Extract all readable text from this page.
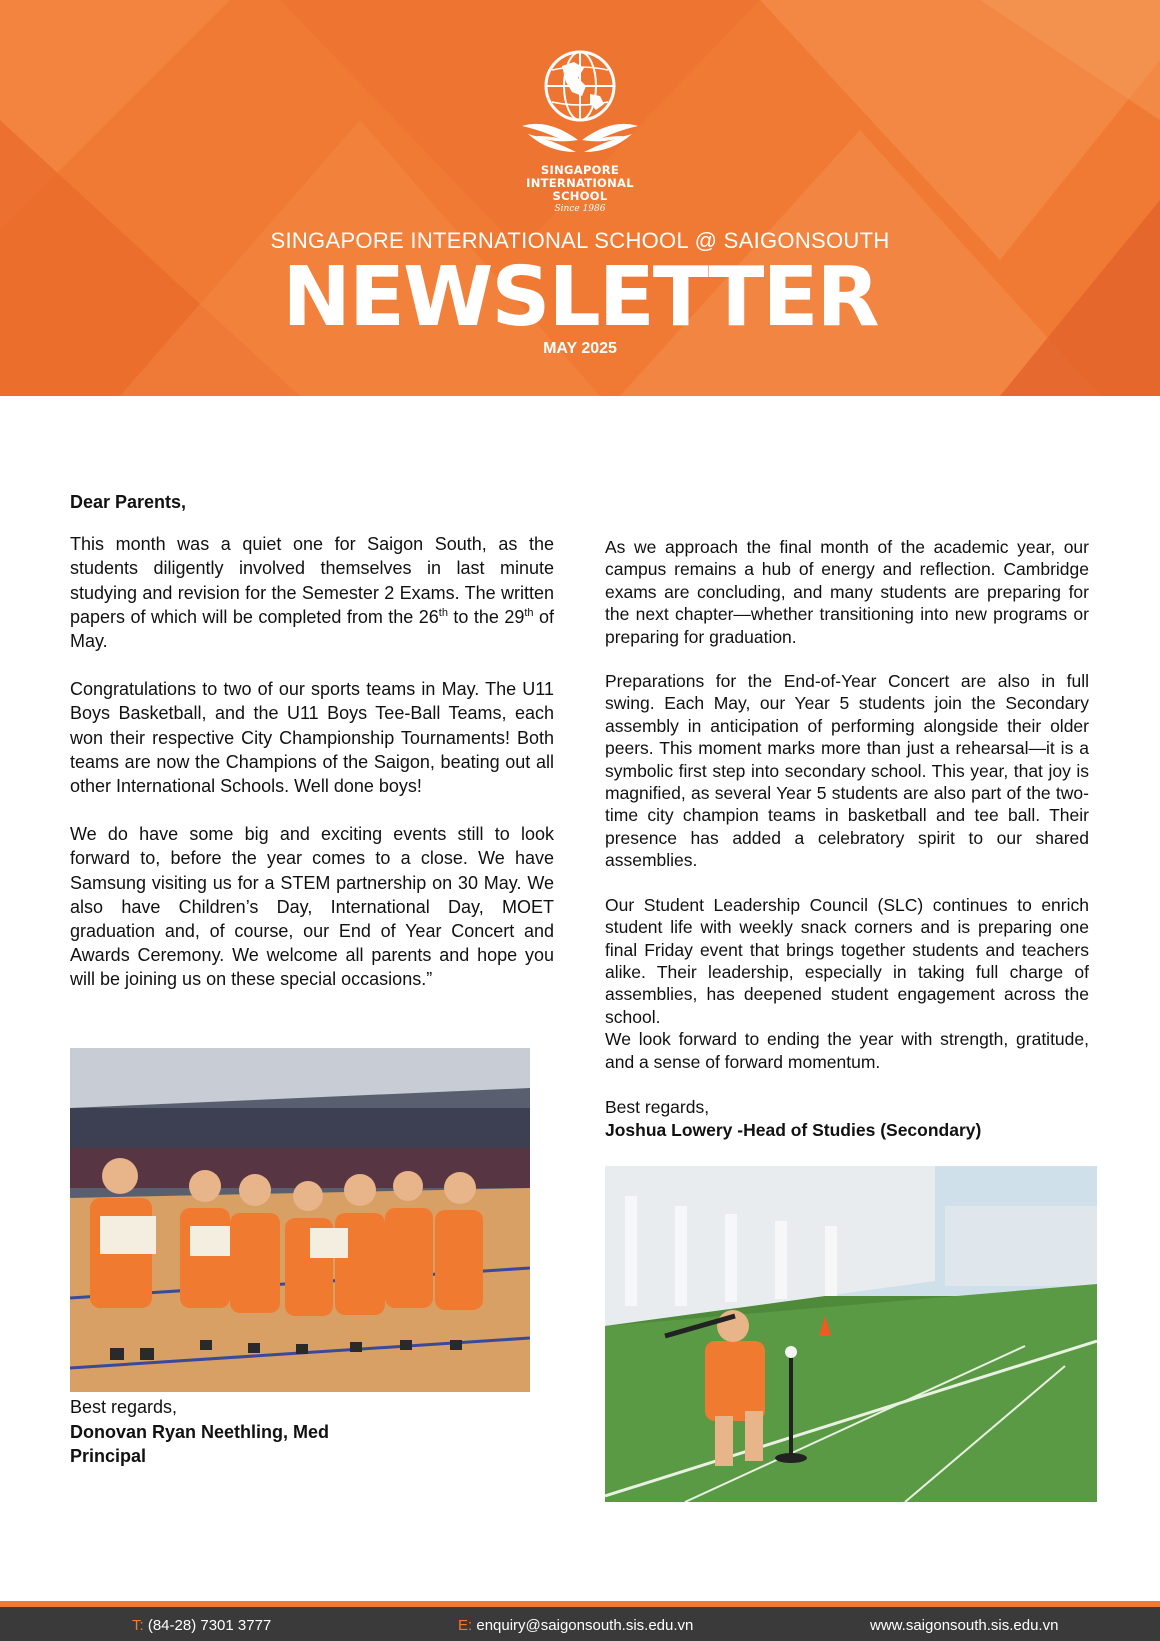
SINGAPORE
INTERNATIONAL
SCHOOL
Since 1986
SINGAPORE INTERNATIONAL SCHOOL @ SAIGONSOUTH
NEWSLETTER
MAY 2025

Dear Parents,

This month was a quiet one for Saigon South, as the students diligently involved themselves in last minute studying and revision for the Semester 2 Exams. The written papers of which will be completed from the 26th to the 29th of May.

Congratulations to two of our sports teams in May. The U11 Boys Basketball, and the U11 Boys Tee-Ball Teams, each won their respective City Championship Tournaments! Both teams are now the Champions of the Saigon, beating out all other International Schools. Well done boys!

We do have some big and exciting events still to look forward to, before the year comes to a close. We have Samsung visiting us for a STEM partnership on 30 May. We also have Children’s Day, International Day, MOET graduation and, of course, our End of Year Concert and Awards Ceremony. We welcome all parents and hope you will be joining us on these special occasions.”

Best regards,
Donovan Ryan Neethling, Med
Principal

As we approach the final month of the academic year, our campus remains a hub of energy and reflection. Cambridge exams are concluding, and many students are preparing for the next chapter—whether transitioning into new programs or preparing for graduation.

Preparations for the End-of-Year Concert are also in full swing. Each May, our Year 5 students join the Secondary assembly in anticipation of performing alongside their older peers. This moment marks more than just a rehearsal—it is a symbolic first step into secondary school. This year, that joy is magnified, as several Year 5 students are also part of the two-time city champion teams in basketball and tee ball. Their presence has added a celebratory spirit to our shared assemblies.

Our Student Leadership Council (SLC) continues to enrich student life with weekly snack corners and is preparing one final Friday event that brings together students and teachers alike. Their leadership, especially in taking full charge of assemblies, has deepened student engagement across the school.

We look forward to ending the year with strength, gratitude, and a sense of forward momentum.

Best regards,
Joshua Lowery -Head of Studies (Secondary)
T: (84-28) 7301 3777	E: enquiry@saigonsouth.sis.edu.vn	www.saigonsouth.sis.edu.vn
